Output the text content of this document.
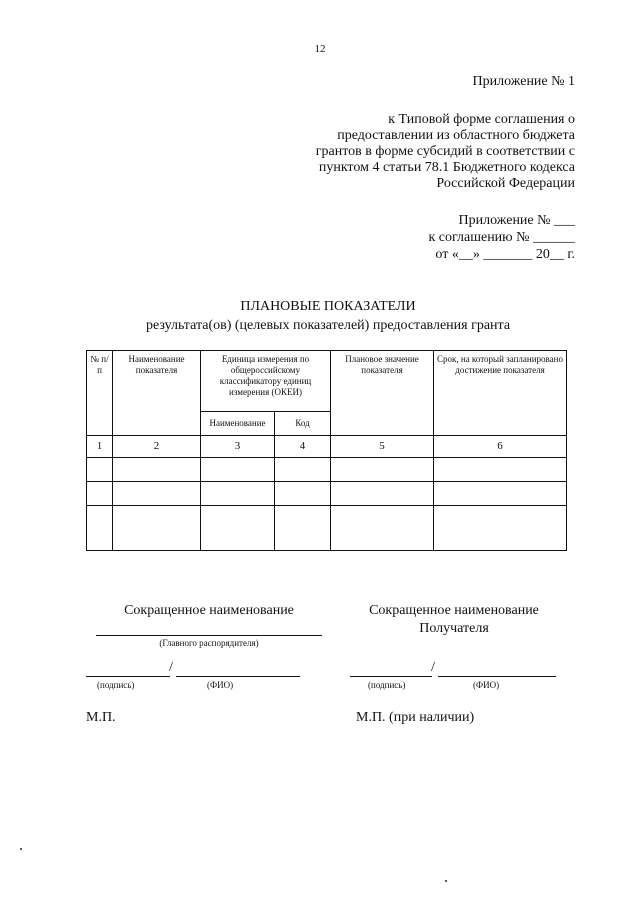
12
Приложение № 1
к Типовой форме соглашения о
предоставлении из областного бюджета
грантов в форме субсидий в соответствии с
пунктом 4 статьи 78.1 Бюджетного кодекса
Российской Федерации
Приложение № ___
к соглашению № ______
от «__» _______ 20__ г.
ПЛАНОВЫЕ ПОКАЗАТЕЛИ
результата(ов) (целевых показателей) предоставления гранта
№ п/п	Наименование показателя	Единица измерения по общероссийскому классификатору единиц измерения (ОКЕИ)		Плановое значение показателя	Срок, на который запланировано достижение показателя
		Наименование	Код		
1	2	3	4	5	6

Сокращенное наименование
(Главного распорядителя)
/
(подпись)	(ФИО)
М.П.
Сокращенное наименование
Получателя
/
(подпись)	(ФИО)
М.П. (при наличии)
